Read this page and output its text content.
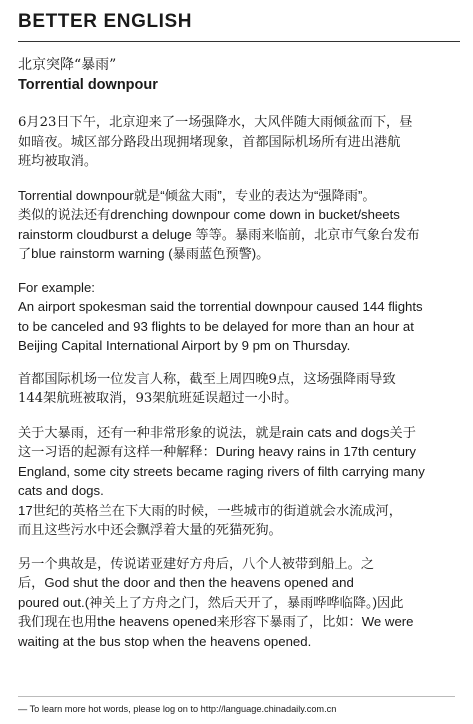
BETTER ENGLISH

北京突降“暴雨”

Torrential downpour

6月23日下午，北京迎来了一场强降水，大风伴随大雨倾盆而下，昼
如暗夜。城区部分路段出现拥堵现象，首都国际机场所有进出港航
班均被取消。
Torrential downpour就是“倾盆大雨”，专业的表达为“强降雨”。
类似的说法还有drenching downpour come down in bucket/sheets
rainstorm cloudburst a deluge 等等。暴雨来临前，北京市气象台发布
了blue rainstorm warning (暴雨蓝色预警)。
For example:
An airport spokesman said the torrential downpour caused 144 flights
to be canceled and 93 flights to be delayed for more than an hour at
Beijing Capital International Airport by 9 pm on Thursday.
首都国际机场一位发言人称，截至上周四晚9点，这场强降雨导致
144架航班被取消，93架航班延误超过一小时。
关于大暴雨，还有一种非常形象的说法，就是rain cats and dogs关于
这一习语的起源有这样一种解释：During heavy rains in 17th century
England, some city streets became raging rivers of filth carrying many
cats and dogs.
17世纪的英格兰在下大雨的时候，一些城市的街道就会水流成河，
而且这些污水中还会飘浮着大量的死猫死狗。
另一个典故是，传说诺亚建好方舟后，八个人被带到船上。之
后，God shut the door and then the heavens opened and
poured out.(神关上了方舟之门，然后天开了，暴雨哗哗临降。)因此
我们现在也用the heavens opened来形容下暴雨了，比如：We were
waiting at the bus stop when the heavens opened.
— To learn more hot words, please log on to http://language.chinadaily.com.cn
